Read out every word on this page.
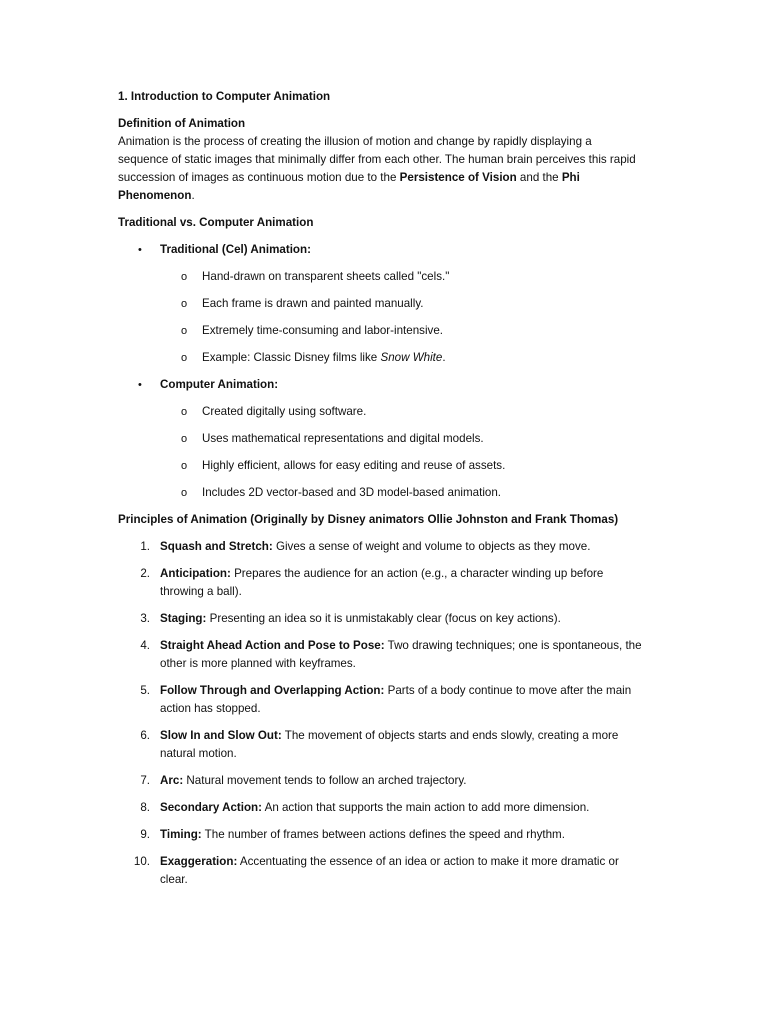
1. Introduction to Computer Animation

Definition of Animation

Animation is the process of creating the illusion of motion and change by rapidly displaying a sequence of static images that minimally differ from each other. The human brain perceives this rapid succession of images as continuous motion due to the Persistence of Vision and the Phi Phenomenon.

Traditional vs. Computer Animation

• Traditional (Cel) Animation:
o Hand-drawn on transparent sheets called "cels."
o Each frame is drawn and painted manually.
o Extremely time-consuming and labor-intensive.
o Example: Classic Disney films like Snow White.
• Computer Animation:
o Created digitally using software.
o Uses mathematical representations and digital models.
o Highly efficient, allows for easy editing and reuse of assets.
o Includes 2D vector-based and 3D model-based animation.

Principles of Animation (Originally by Disney animators Ollie Johnston and Frank Thomas)

1. Squash and Stretch: Gives a sense of weight and volume to objects as they move.
2. Anticipation: Prepares the audience for an action (e.g., a character winding up before throwing a ball).
3. Staging: Presenting an idea so it is unmistakably clear (focus on key actions).
4. Straight Ahead Action and Pose to Pose: Two drawing techniques; one is spontaneous, the other is more planned with keyframes.
5. Follow Through and Overlapping Action: Parts of a body continue to move after the main action has stopped.
6. Slow In and Slow Out: The movement of objects starts and ends slowly, creating a more natural motion.
7. Arc: Natural movement tends to follow an arched trajectory.
8. Secondary Action: An action that supports the main action to add more dimension.
9. Timing: The number of frames between actions defines the speed and rhythm.
10. Exaggeration: Accentuating the essence of an idea or action to make it more dramatic or clear.
